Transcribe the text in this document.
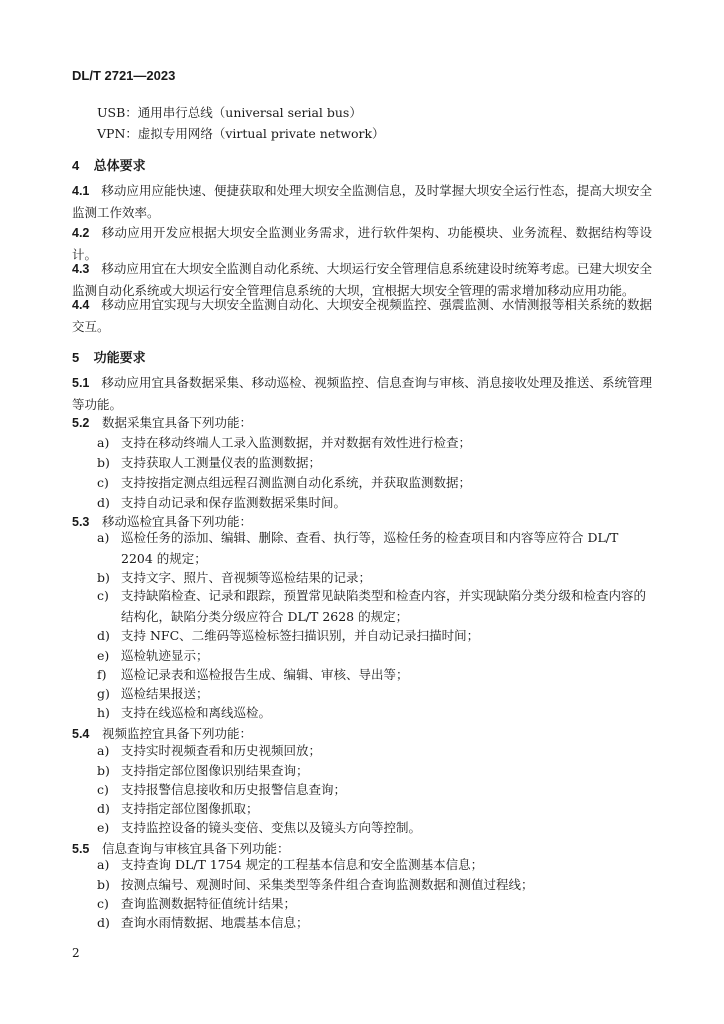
DL/T 2721—2023
USB：通用串行总线（universal serial bus）
VPN：虚拟专用网络（virtual private network）
4 总体要求
4.1 移动应用应能快速、便捷获取和处理大坝安全监测信息，及时掌握大坝安全运行性态，提高大坝安全监测工作效率。
4.2 移动应用开发应根据大坝安全监测业务需求，进行软件架构、功能模块、业务流程、数据结构等设计。
4.3 移动应用宜在大坝安全监测自动化系统、大坝运行安全管理信息系统建设时统筹考虑。已建大坝安全监测自动化系统或大坝运行安全管理信息系统的大坝，宜根据大坝安全管理的需求增加移动应用功能。
4.4 移动应用宜实现与大坝安全监测自动化、大坝安全视频监控、强震监测、水情测报等相关系统的数据交互。
5 功能要求
5.1 移动应用宜具备数据采集、移动巡检、视频监控、信息查询与审核、消息接收处理及推送、系统管理等功能。
5.2 数据采集宜具备下列功能：
a) 支持在移动终端人工录入监测数据，并对数据有效性进行检查；
b) 支持获取人工测量仪表的监测数据；
c) 支持按指定测点组远程召测监测自动化系统，并获取监测数据；
d) 支持自动记录和保存监测数据采集时间。
5.3 移动巡检宜具备下列功能：
a) 巡检任务的添加、编辑、删除、查看、执行等，巡检任务的检查项目和内容等应符合 DL/T 2204 的规定；
b) 支持文字、照片、音视频等巡检结果的记录；
c) 支持缺陷检查、记录和跟踪，预置常见缺陷类型和检查内容，并实现缺陷分类分级和检查内容的结构化，缺陷分类分级应符合 DL/T 2628 的规定；
d) 支持 NFC、二维码等巡检标签扫描识别，并自动记录扫描时间；
e) 巡检轨迹显示；
f) 巡检记录表和巡检报告生成、编辑、审核、导出等；
g) 巡检结果报送；
h) 支持在线巡检和离线巡检。
5.4 视频监控宜具备下列功能：
a) 支持实时视频查看和历史视频回放；
b) 支持指定部位图像识别结果查询；
c) 支持报警信息接收和历史报警信息查询；
d) 支持指定部位图像抓取；
e) 支持监控设备的镜头变倍、变焦以及镜头方向等控制。
5.5 信息查询与审核宜具备下列功能：
a) 支持查询 DL/T 1754 规定的工程基本信息和安全监测基本信息；
b) 按测点编号、观测时间、采集类型等条件组合查询监测数据和测值过程线；
c) 查询监测数据特征值统计结果；
d) 查询水雨情数据、地震基本信息；
2
